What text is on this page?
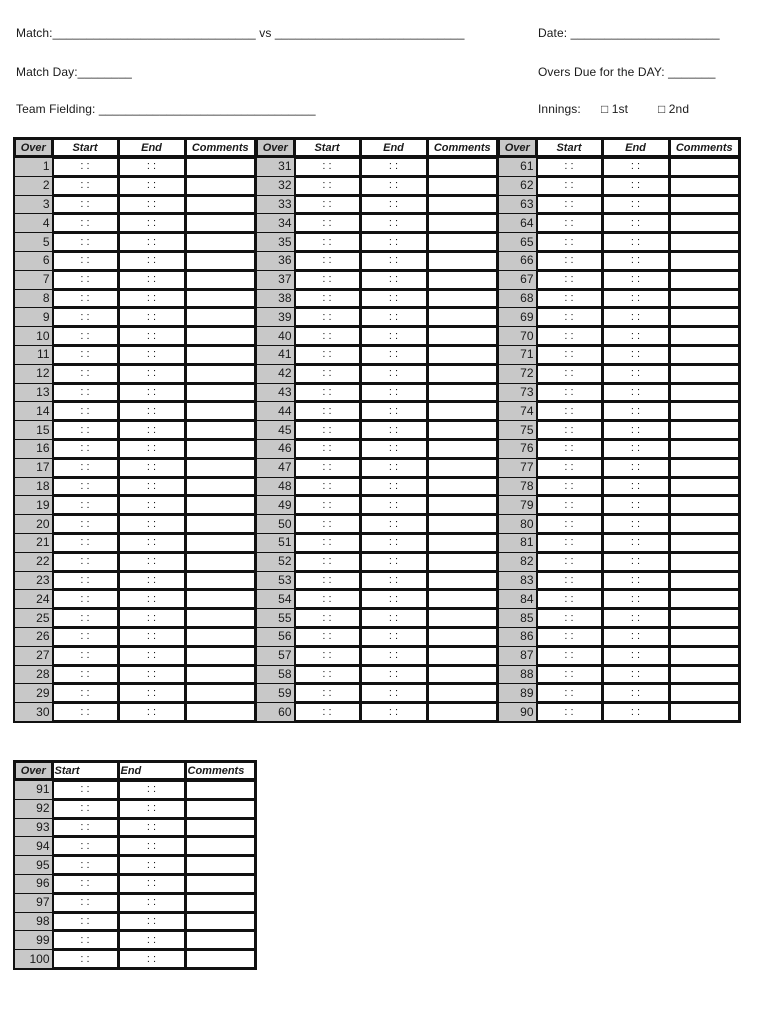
Match:______________________________ vs ____________________________	Date: ______________________
Match Day:________	Overs Due for the DAY: _______
Team Fielding: ________________________________	Innings: □ 1st □ 2nd
Over	Start	End	Comments	Over	Start	End	Comments	Over	Start	End	Comments
1	: :	: :		31	: :	: :		61	: :	: :	
2	: :	: :		32	: :	: :		62	: :	: :	
3	: :	: :		33	: :	: :		63	: :	: :	
4	: :	: :		34	: :	: :		64	: :	: :	
5	: :	: :		35	: :	: :		65	: :	: :	
6	: :	: :		36	: :	: :		66	: :	: :	
7	: :	: :		37	: :	: :		67	: :	: :	
8	: :	: :		38	: :	: :		68	: :	: :	
9	: :	: :		39	: :	: :		69	: :	: :	
10	: :	: :		40	: :	: :		70	: :	: :	
11	: :	: :		41	: :	: :		71	: :	: :	
12	: :	: :		42	: :	: :		72	: :	: :	
13	: :	: :		43	: :	: :		73	: :	: :	
14	: :	: :		44	: :	: :		74	: :	: :	
15	: :	: :		45	: :	: :		75	: :	: :	
16	: :	: :		46	: :	: :		76	: :	: :	
17	: :	: :		47	: :	: :		77	: :	: :	
18	: :	: :		48	: :	: :		78	: :	: :	
19	: :	: :		49	: :	: :		79	: :	: :	
20	: :	: :		50	: :	: :		80	: :	: :	
21	: :	: :		51	: :	: :		81	: :	: :	
22	: :	: :		52	: :	: :		82	: :	: :	
23	: :	: :		53	: :	: :		83	: :	: :	
24	: :	: :		54	: :	: :		84	: :	: :	
25	: :	: :		55	: :	: :		85	: :	: :	
26	: :	: :		56	: :	: :		86	: :	: :	
27	: :	: :		57	: :	: :		87	: :	: :	
28	: :	: :		58	: :	: :		88	: :	: :	
29	: :	: :		59	: :	: :		89	: :	: :	
30	: :	: :		60	: :	: :		90	: :	: :	
Over	Start	End	Comments
91	: :	: :	
92	: :	: :	
93	: :	: :	
94	: :	: :	
95	: :	: :	
96	: :	: :	
97	: :	: :	
98	: :	: :	
99	: :	: :	
100	: :	: :	
